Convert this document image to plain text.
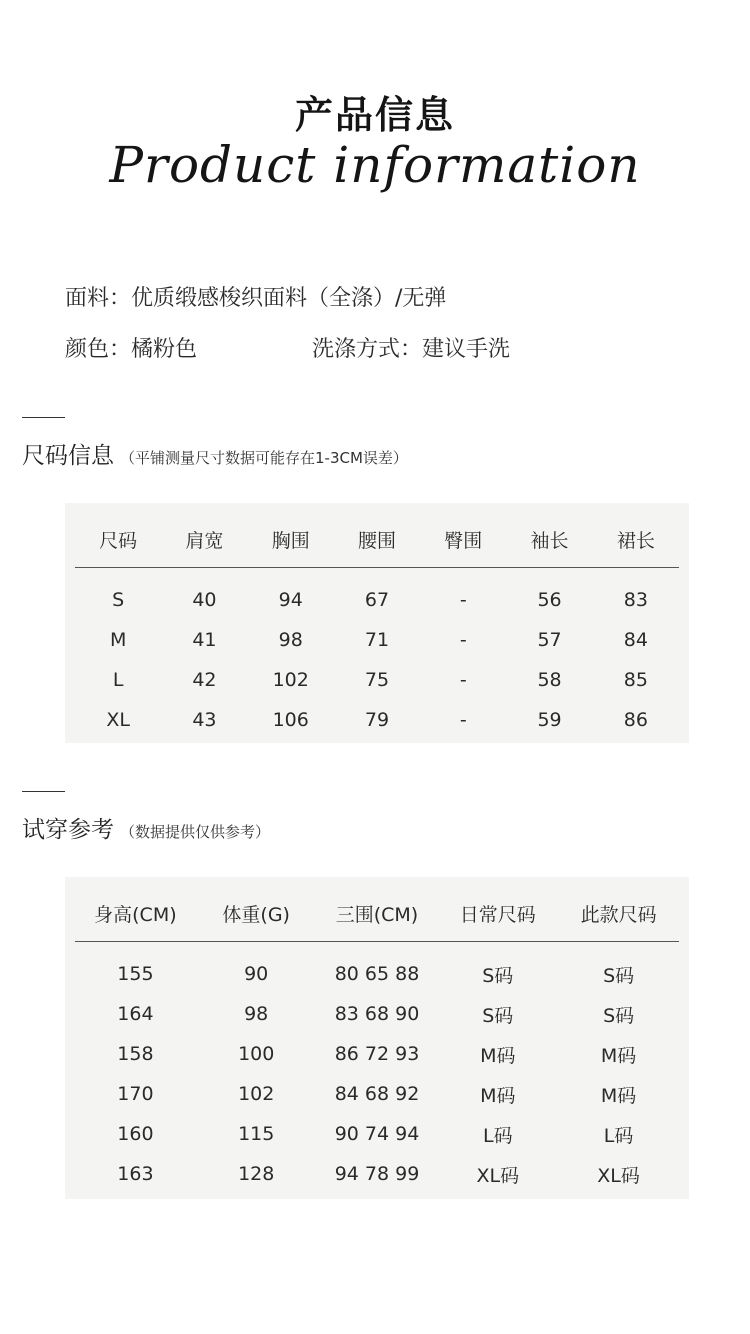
产品信息
Product information
面料：优质缎感梭织面料（全涤）/无弹
颜色：橘粉色	洗涤方式：建议手洗
尺码信息 （平铺测量尺寸数据可能存在1-3CM误差）
尺码	肩宽	胸围	腰围	臀围	袖长	裙长
S	40	94	67	-	56	83
M	41	98	71	-	57	84
L	42	102	75	-	58	85
XL	43	106	79	-	59	86
试穿参考 （数据提供仅供参考）
身高(CM)	体重(G)	三围(CM)	日常尺码	此款尺码
155	90	80 65 88	S码	S码
164	98	83 68 90	S码	S码
158	100	86 72 93	M码	M码
170	102	84 68 92	M码	M码
160	115	90 74 94	L码	L码
163	128	94 78 99	XL码	XL码
